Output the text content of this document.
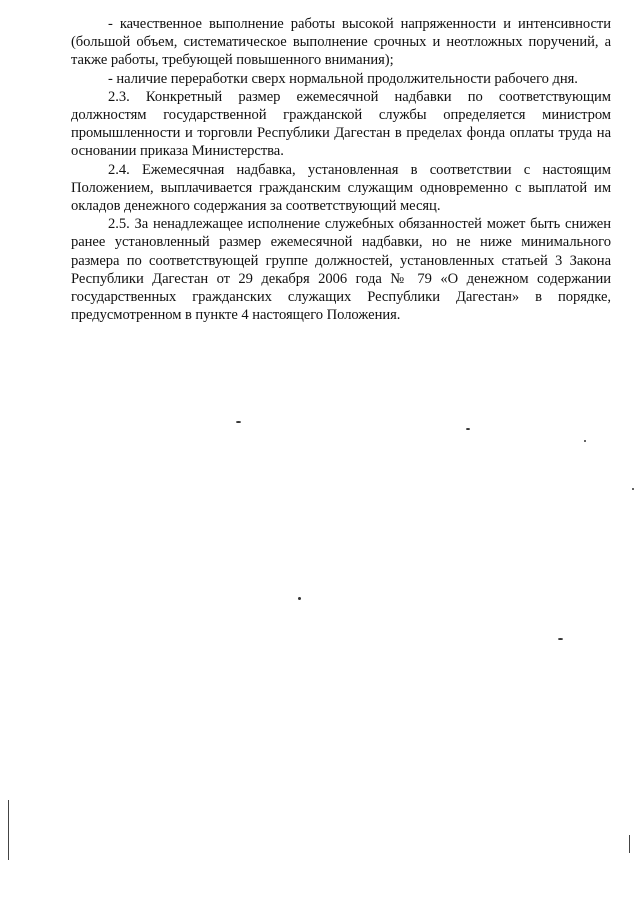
- качественное выполнение работы высокой напряженности и интенсивности (большой объем, систематическое выполнение срочных и неотложных поручений, а также работы, требующей повышенного внимания);

- наличие переработки сверх нормальной продолжительности рабочего дня.

2.3. Конкретный размер ежемесячной надбавки по соответствующим должностям государственной гражданской службы определяется министром промышленности и торговли Республики Дагестан в пределах фонда оплаты труда на основании приказа Министерства.

2.4. Ежемесячная надбавка, установленная в соответствии с настоящим Положением, выплачивается гражданским служащим одновременно с выплатой им окладов денежного содержания за соответствующий месяц.

2.5. За ненадлежащее исполнение служебных обязанностей может быть снижен ранее установленный размер ежемесячной надбавки, но не ниже минимального размера по соответствующей группе должностей, установленных статьей 3 Закона Республики Дагестан от 29 декабря 2006 года № 79 «О денежном содержании государственных гражданских служащих Республики Дагестан» в порядке, предусмотренном в пункте 4 настоящего Положения.
